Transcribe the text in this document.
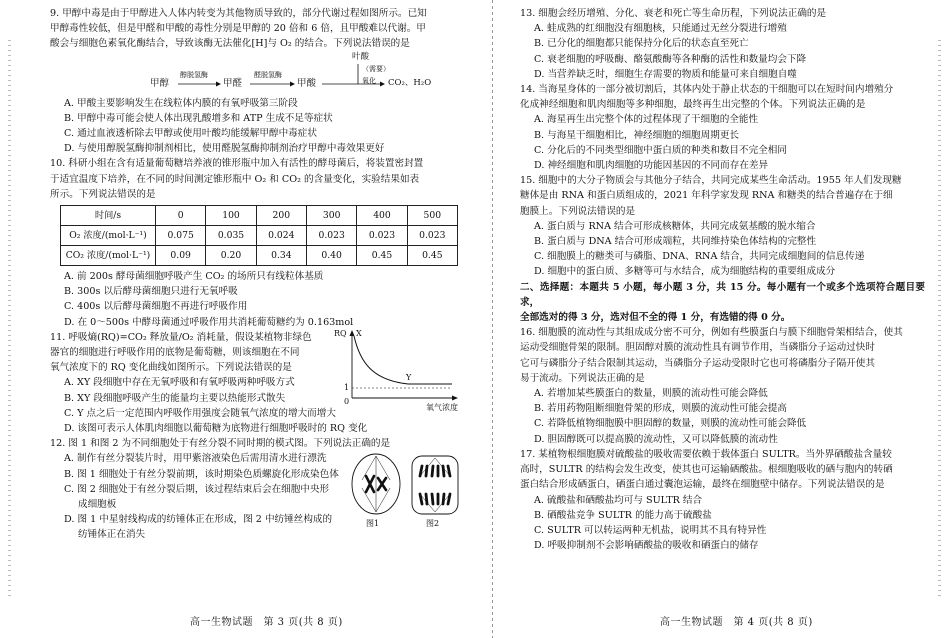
9. 甲醇中毒是由于甲醇进入人体内转变为其他物质导致的，部分代谢过程如图所示。已知

甲醇毒性较低，但是甲醛和甲酸的毒性分别是甲醇的 20 倍和 6 倍，且甲酸难以代谢。甲

酸会与细胞色素氧化酶结合，导致该酶无法催化[H]与 O₂ 的结合。下列说法错误的是

叶酸
（需要）
甲醇
醇脱氢酶
甲醛
醛脱氢酶
甲酸	氧化 CO₂、H₂O

A. 甲酸主要影响发生在线粒体内膜的有氧呼吸第三阶段

B. 甲醇中毒可能会使人体出现乳酸增多和 ATP 生成不足等症状

C. 通过血液透析除去甲醇或使用叶酸均能缓解甲醇中毒症状

D. 与使用醇脱氢酶抑制剂相比，使用醛脱氢酶抑制剂治疗甲醇中毒效果更好

10. 科研小组在含有适量葡萄糖培养液的锥形瓶中加入有活性的酵母菌后，将装置密封置

于适宜温度下培养，在不同的时间测定锥形瓶中 O₂ 和 CO₂ 的含量变化，实验结果如表

所示。下列说法错误的是

时间/s	0	100	200	300	400	500
O₂ 浓度/(mol·L⁻¹)	0.075	0.035	0.024	0.023	0.023	0.023
CO₂ 浓度/(mol·L⁻¹)	0.09	0.20	0.34	0.40	0.45	0.45

A. 前 200s 酵母菌细胞呼吸产生 CO₂ 的场所只有线粒体基质

B. 300s 以后酵母菌细胞只进行无氧呼吸

C. 400s 以后酵母菌细胞不再进行呼吸作用

D. 在 0～500s 中酵母菌通过呼吸作用共消耗葡萄糖约为 0.163mol

11. 呼吸熵(RQ)=CO₂ 释放量/O₂ 消耗量，假设某植物非绿色

器官的细胞进行呼吸作用的底物是葡萄糖，则该细胞在不同

氧气浓度下的 RQ 变化曲线如图所示。下列说法错误的是

RQ X
Y
1
0
氧气浓度

A. XY 段细胞中存在无氧呼吸和有氧呼吸两种呼吸方式

B. XY 段细胞呼吸产生的能量均主要以热能形式散失

C. Y 点之后一定范围内呼吸作用强度会随氧气浓度的增大而增大

D. 该图可表示人体肌肉细胞以葡萄糖为底物进行细胞呼吸时的 RQ 变化

12. 图 1 和图 2 为不同细胞处于有丝分裂不同时期的模式图。下列说法正确的是

A. 制作有丝分裂装片时，用甲紫溶液染色后需用清水进行漂洗

B. 图 1 细胞处于有丝分裂前期，该时期染色质螺旋化形成染色体

C. 图 2 细胞处于有丝分裂后期，该过程结束后会在细胞中央形

成细胞板

D. 图 1 中星射线构成的纺锤体正在形成，图 2 中纺锤丝构成的

纺锤体正在消失

图1	图2
高一生物试题　第 3 页(共 8 页)

13. 细胞会经历增殖、分化、衰老和死亡等生命历程，下列说法正确的是

A. 蛙成熟的红细胞没有细胞核，只能通过无丝分裂进行增殖

B. 已分化的细胞都只能保持分化后的状态直至死亡

C. 衰老细胞的呼吸酶、酪氨酸酶等各种酶的活性和数量均会下降

D. 当营养缺乏时，细胞生存需要的物质和能量可来自细胞自噬

14. 当海星身体的一部分被切割后，其体内处于静止状态的干细胞可以在短时间内增殖分

化成神经细胞和肌肉细胞等多种细胞，最终再生出完整的个体。下列说法正确的是

A. 海星再生出完整个体的过程体现了干细胞的全能性

B. 与海星干细胞相比，神经细胞的细胞周期更长

C. 分化后的不同类型细胞中蛋白质的种类和数目不完全相同

D. 神经细胞和肌肉细胞的功能因基因的不同而存在差异

15. 细胞中的大分子物质会与其他分子结合，共同完成某些生命活动。1955 年人们发现糖

糖体是由 RNA 和蛋白质组成的，2021 年科学家发现 RNA 和糖类的结合普遍存在于细

胞膜上。下列说法错误的是

A. 蛋白质与 RNA 结合可形成核糖体，共同完成氨基酸的脱水缩合

B. 蛋白质与 DNA 结合可形成端粒，共同维持染色体结构的完整性

C. 细胞膜上的糖类可与磷脂、DNA、RNA 结合，共同完成细胞间的信息传递

D. 细胞中的蛋白质、多糖等可与水结合，成为细胞结构的重要组成成分

二、选择题：本题共 5 小题，每小题 3 分，共 15 分。每小题有一个或多个选项符合题目要求，

全部选对的得 3 分，选对但不全的得 1 分，有选错的得 0 分。

16. 细胞膜的流动性与其组成成分密不可分，例如有些膜蛋白与膜下细胞骨架相结合，使其

运动受细胞骨架的限制。胆固醇对膜的流动性具有调节作用，当磷脂分子运动过快时

它可与磷脂分子结合限制其运动，当磷脂分子运动受限时它也可将磷脂分子隔开使其

易于流动。下列说法正确的是

A. 若增加某些膜蛋白的数量，则膜的流动性可能会降低

B. 若用药物阻断细胞骨架的形成，则膜的流动性可能会提高

C. 若降低植物细胞膜中胆固醇的数量，则膜的流动性可能会降低

D. 胆固醇既可以提高膜的流动性，又可以降低膜的流动性

17. 某植物根细胞膜对硫酸盐的吸收需要依赖于载体蛋白 SULTR。当外界硒酸盐含量较

高时，SULTR 的结构会发生改变，使其也可运输硒酸盐。根细胞吸收的硒与胞内的转硒

蛋白结合形成硒蛋白，硒蛋白通过囊泡运输，最终在细胞壁中储存。下列说法错误的是

A. 硫酸盐和硒酸盐均可与 SULTR 结合

B. 硒酸盐竞争 SULTR 的能力高于硫酸盐

C. SULTR 可以转运两种无机盐，说明其不具有特异性

D. 呼吸抑制剂不会影响硒酸盐的吸收和硒蛋白的储存

高一生物试题　第 4 页(共 8 页)
